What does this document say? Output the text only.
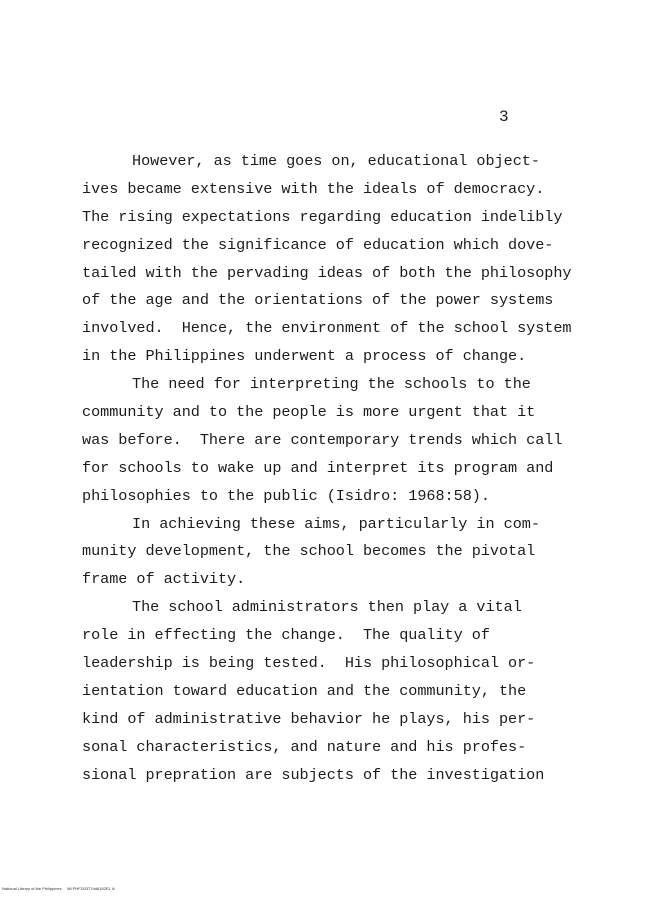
3
However, as time goes on, educational object-
ives became extensive with the ideals of democracy.
The rising expectations regarding education indelibly
recognized the significance of education which dove-
tailed with the pervading ideas of both the philosophy
of the age and the orientations of the power systems
involved.  Hence, the environment of the school system
in the Philippines underwent a process of change.
The need for interpreting the schools to the
community and to the people is more urgent that it
was before.  There are contemporary trends which call
for schools to wake up and interpret its program and
philosophies to the public (Isidro: 1968:58).
In achieving these aims, particularly in com-
munity development, the school becomes the pivotal
frame of activity.
The school administrators then play a vital
role in effecting the change.  The quality of
leadership is being tested.  His philosophical or-
ientation toward education and the community, the
kind of administrative behavior he plays, his per-
sonal characteristics, and nature and his profes-
sional prepration are subjects of the investigation
National Library of the Philippines MLPHFD0377dd6182E1 iii
